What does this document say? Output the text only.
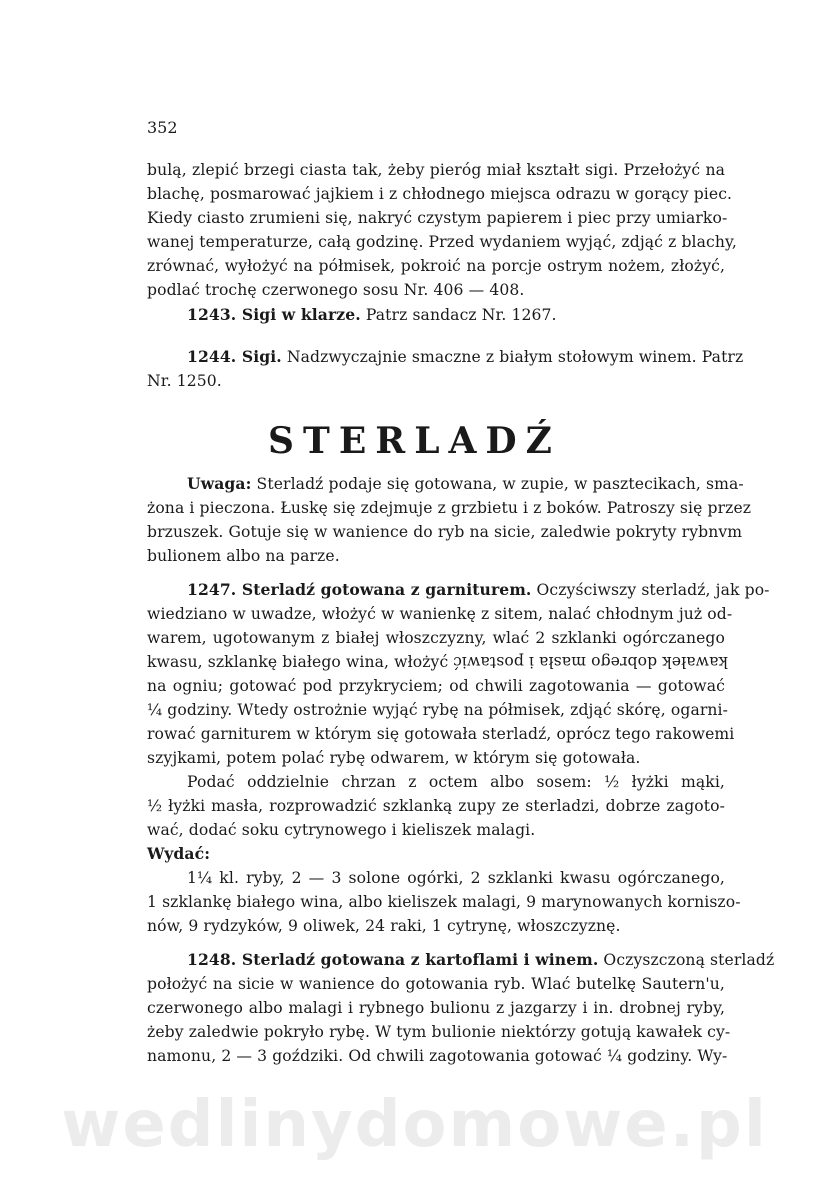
352
bulą, zlepić brzegi ciasta tak, żeby pieróg miał kształt sigi. Przełożyć na
blachę, posmarować jajkiem i z chłodnego miejsca odrazu w gorący piec.
Kiedy ciasto zrumieni się, nakryć czystym papierem i piec przy umiarko-
wanej temperaturze, całą godzinę. Przed wydaniem wyjąć, zdjąć z blachy,
zrównać, wyłożyć na półmisek, pokroić na porcje ostrym nożem, złożyć,
podlać trochę czerwonego sosu Nr. 406 — 408.
1243. Sigi w klarze. Patrz sandacz Nr. 1267.
1244. Sigi. Nadzwyczajnie smaczne z białym stołowym winem. Patrz
Nr. 1250.
STERLADŹ
Uwaga: Sterladź podaje się gotowana, w zupie, w pasztecikach, sma-
żona i pieczona. Łuskę się zdejmuje z grzbietu i z boków. Patroszy się przez
brzuszek. Gotuje się w wanience do ryb na sicie, zaledwie pokryty rybnvm
bulionem albo na parze.
1247. Sterladź gotowana z garniturem. Oczyściwszy sterladź, jak po-
wiedziano w uwadze, włożyć w wanienkę z sitem, nalać chłodnym już od-
warem, ugotowanym z białej włoszczyzny, wlać 2 szklanki ogórczanego
kwasu, szklankę białego wina, włożyć kawałek dobrego masła i postawić
na ogniu; gotować pod przykryciem; od chwili zagotowania — gotować
¼ godziny. Wtedy ostrożnie wyjąć rybę na półmisek, zdjąć skórę, ogarni-
rować garniturem w którym się gotowała sterladź, oprócz tego rakowemi
szyjkami, potem polać rybę odwarem, w którym się gotowała.
Podać oddzielnie chrzan z octem albo sosem: ½ łyżki mąki,
½ łyżki masła, rozprowadzić szklanką zupy ze sterladzi, dobrze zagoto-
wać, dodać soku cytrynowego i kieliszek malagi.
Wydać:
1¼ kl. ryby, 2 — 3 solone ogórki, 2 szklanki kwasu ogórczanego,
1 szklankę białego wina, albo kieliszek malagi, 9 marynowanych korniszo-
nów, 9 rydzyków, 9 oliwek, 24 raki, 1 cytrynę, włoszczyznę.
1248. Sterladź gotowana z kartoflami i winem. Oczyszczoną sterladź
położyć na sicie w wanience do gotowania ryb. Wlać butelkę Sautern'u,
czerwonego albo malagi i rybnego bulionu z jazgarzy i in. drobnej ryby,
żeby zaledwie pokryło rybę. W tym bulionie niektórzy gotują kawałek cy-
namonu, 2 — 3 goździki. Od chwili zagotowania gotować ¼ godziny. Wy-
wedlinydomowe.pl
